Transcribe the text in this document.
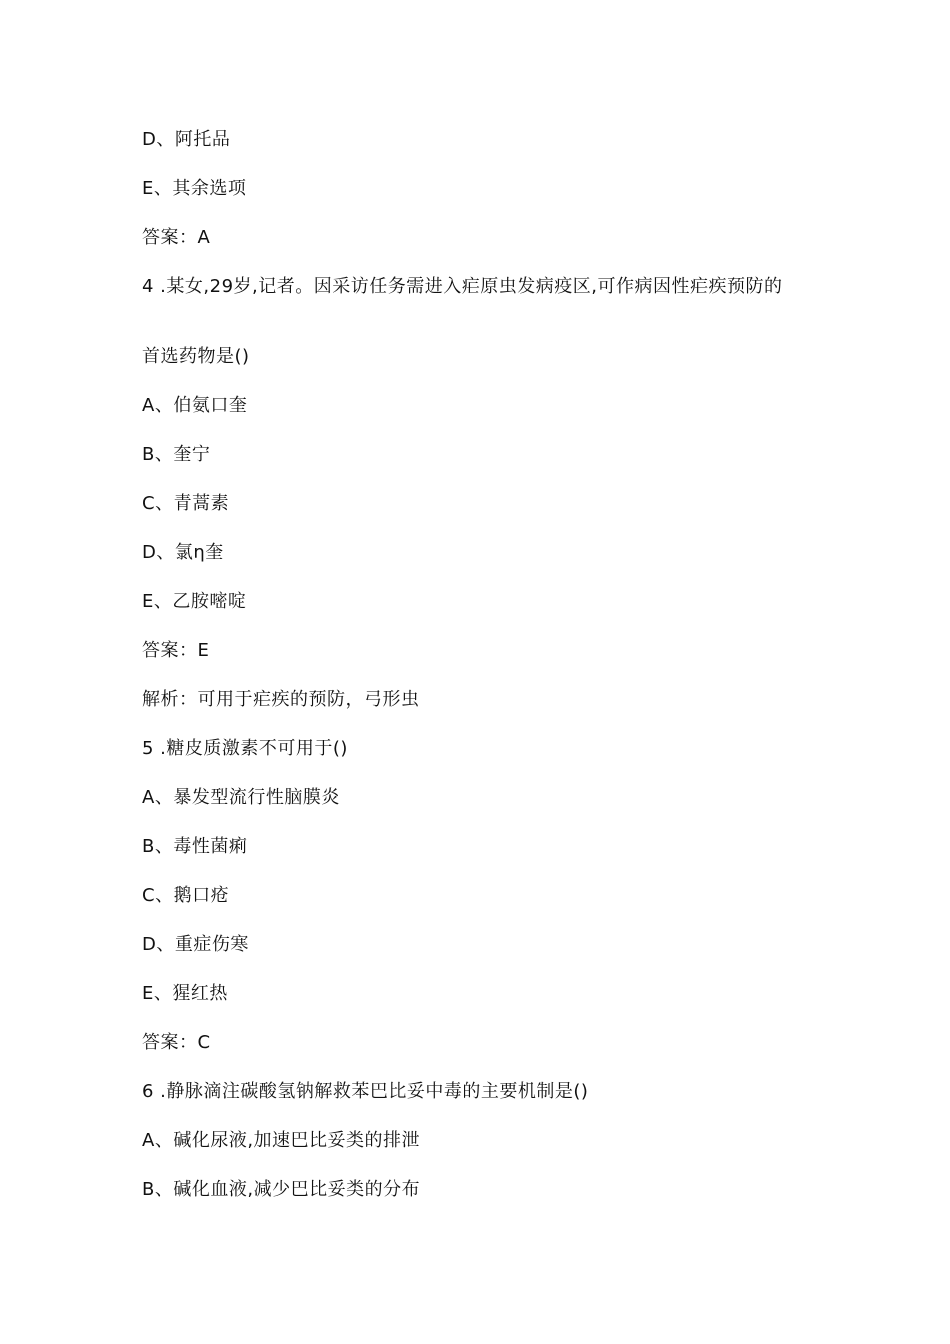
D、阿托品
E、其余选项
答案：A
4 .某女,29岁,记者。因采访任务需进入疟原虫发病疫区,可作病因性疟疾预防的
首选药物是()
A、伯氨口奎
B、奎宁
C、青蒿素
D、氯η奎
E、乙胺嘧啶
答案：E
解析：可用于疟疾的预防，弓形虫
5 .糖皮质激素不可用于()
A、暴发型流行性脑膜炎
B、毒性菌痢
C、鹅口疮
D、重症伤寒
E、猩红热
答案：C
6 .静脉滴注碳酸氢钠解救苯巴比妥中毒的主要机制是()
A、碱化尿液,加速巴比妥类的排泄
B、碱化血液,减少巴比妥类的分布
